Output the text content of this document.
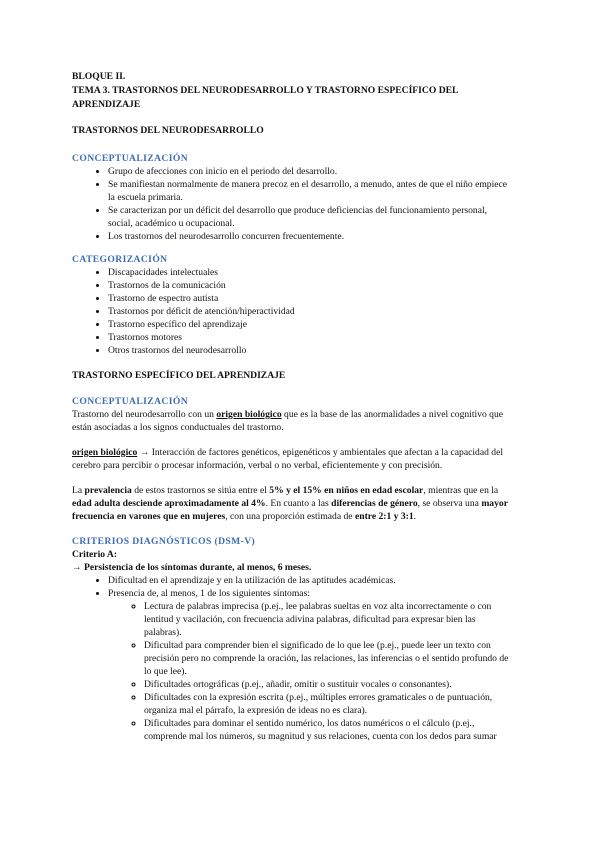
BLOQUE II.
TEMA 3. TRASTORNOS DEL NEURODESARROLLO Y TRASTORNO ESPECÍFICO DEL APRENDIZAJE
TRASTORNOS DEL NEURODESARROLLO
CONCEPTUALIZACIÓN
• Grupo de afecciones con inicio en el periodo del desarrollo.
• Se manifiestan normalmente de manera precoz en el desarrollo, a menudo, antes de que el niño empiece la escuela primaria.
• Se caracterizan por un déficit del desarrollo que produce deficiencias del funcionamiento personal, social, académico u ocupacional.
• Los trastornos del neurodesarrollo concurren frecuentemente.
CATEGORIZACIÓN
• Discapacidades intelectuales
• Trastornos de la comunicación
• Trastorno de espectro autista
• Trastornos por déficit de atención/hiperactividad
• Trastorno específico del aprendizaje
• Trastornos motores
• Otros trastornos del neurodesarrollo
TRASTORNO ESPECÍFICO DEL APRENDIZAJE
CONCEPTUALIZACIÓN

Trastorno del neurodesarrollo con un origen biológico que es la base de las anormalidades a nivel cognitivo que están asociadas a los signos conductuales del trastorno.

origen biológico → Interacción de factores genéticos, epigenéticos y ambientales que afectan a la capacidad del cerebro para percibir o procesar información, verbal o no verbal, eficientemente y con precisión.

La prevalencia de estos trastornos se sitúa entre el 5% y el 15% en niños en edad escolar, mientras que en la edad adulta desciende aproximadamente al 4%. En cuanto a las diferencias de género, se observa una mayor frecuencia en varones que en mujeres, con una proporción estimada de entre 2:1 y 3:1.

CRITERIOS DIAGNÓSTICOS (DSM-V)
Criterio A:
→ Persistencia de los síntomas durante, al menos, 6 meses.
• Dificultad en el aprendizaje y en la utilización de las aptitudes académicas.
• Presencia de, al menos, 1 de los siguientes síntomas:
◦ Lectura de palabras imprecisa (p.ej., lee palabras sueltas en voz alta incorrectamente o con lentitud y vacilación, con frecuencia adivina palabras, dificultad para expresar bien las palabras).
◦ Dificultad para comprender bien el significado de lo que lee (p.ej., puede leer un texto con precisión pero no comprende la oración, las relaciones, las inferencias o el sentido profundo de lo que lee).
◦ Dificultades ortográficas (p.ej., añadir, omitir o sustituir vocales o consonantes).
◦ Dificultades con la expresión escrita (p.ej., múltiples errores gramaticales o de puntuación, organiza mal el párrafo, la expresión de ideas no es clara).
◦ Dificultades para dominar el sentido numérico, los datos numéricos o el cálculo (p.ej., comprende mal los números, su magnitud y sus relaciones, cuenta con los dedos para sumar
